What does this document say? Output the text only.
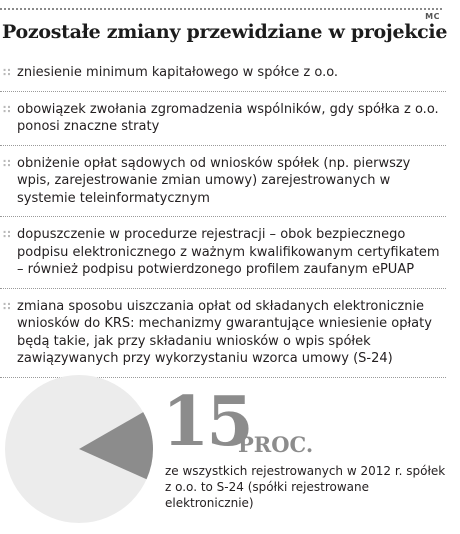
MC
Pozostałe zmiany przewidziane w projekcie
∷ zniesienie minimum kapitałowego w spółce z o.o.
∷ obowiązek zwołania zgromadzenia wspólników, gdy spółka z o.o. ponosi znaczne straty
∷ obniżenie opłat sądowych od wniosków spółek (np. pierwszy wpis, zarejestrowanie zmian umowy) zarejestrowanych w systemie teleinformatycznym
∷ dopuszczenie w procedurze rejestracji – obok bezpiecznego podpisu elektronicznego z ważnym kwalifikowanym certyfikatem – również podpisu potwierdzonego profilem zaufanym ePUAP
∷ zmiana sposobu uiszczania opłat od składanych elektronicznie wniosków do KRS: mechanizmy gwarantujące wniesienie opłaty będą takie, jak przy składaniu wniosków o wpis spółek zawiązywanych przy wykorzystaniu wzorca umowy (S-24)
15
PROC.
ze wszystkich rejestrowanych w 2012 r. spółek z o.o. to S-24 (spółki rejestrowane elektronicznie)
